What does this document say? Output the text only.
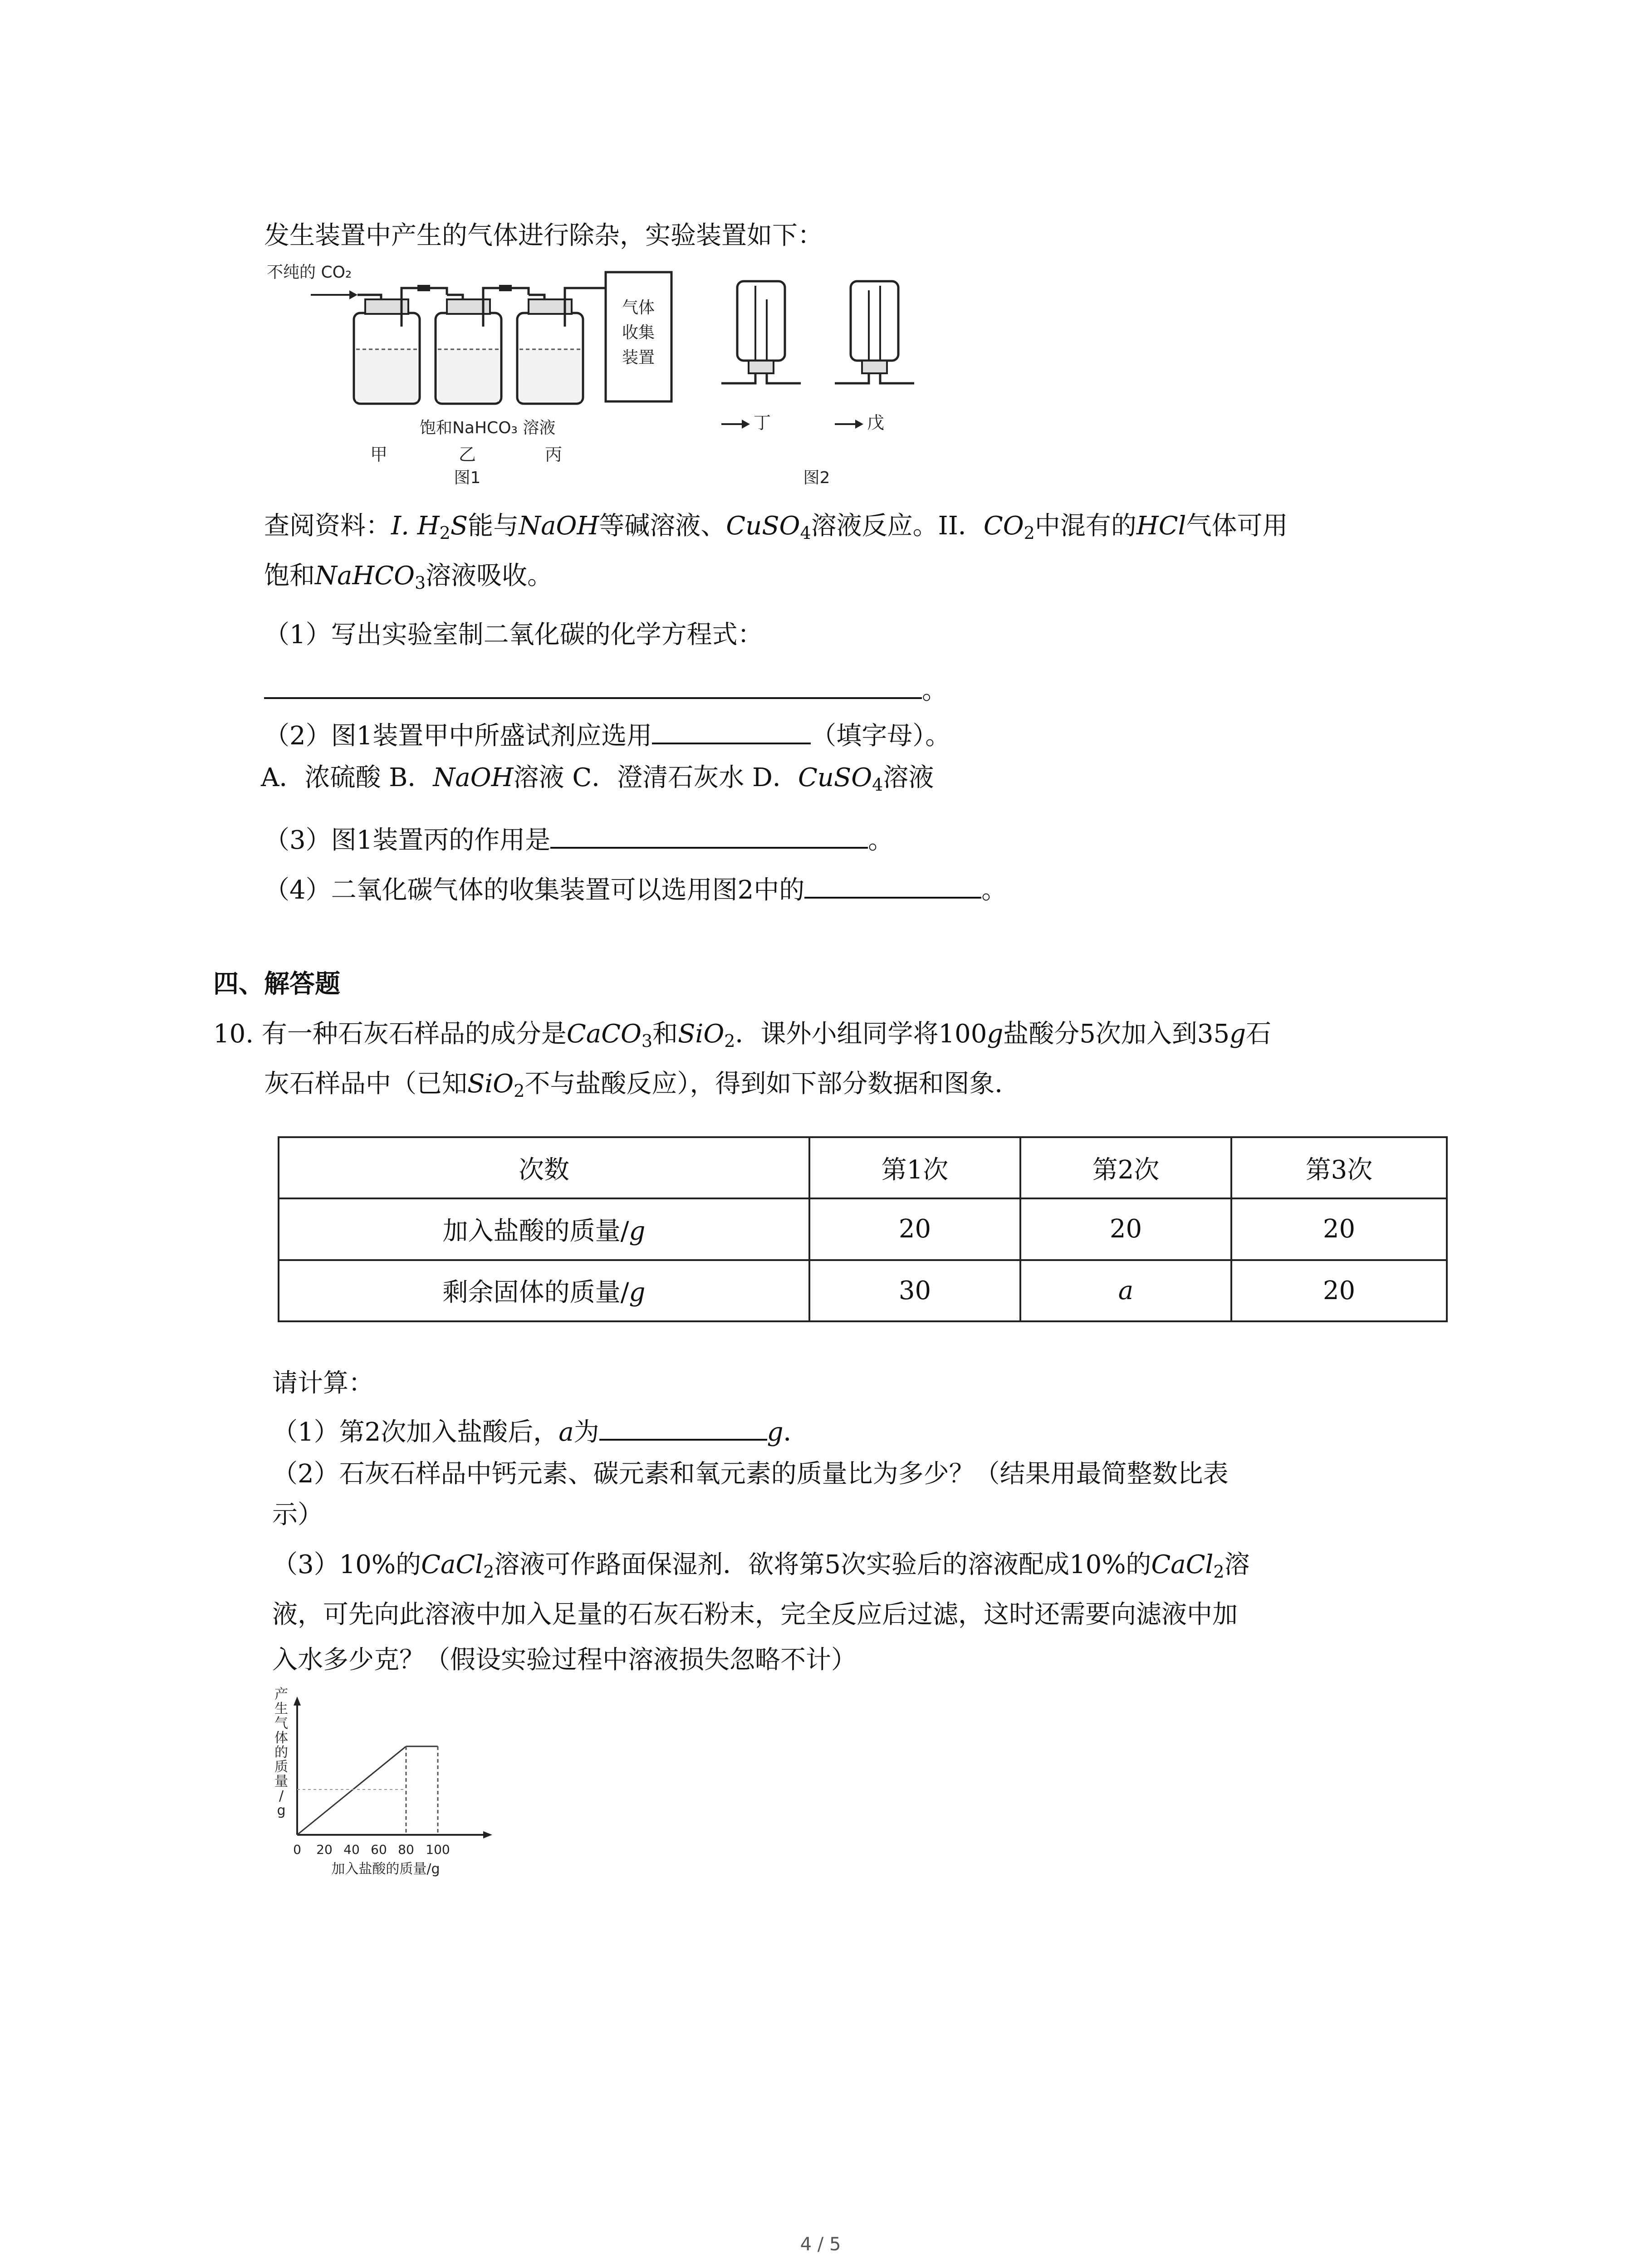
发生装置中产生的气体进行除杂，实验装置如下：
不纯的 CO₂
气体
收集
装置
饱和NaHCO₃ 溶液
甲	乙	丙
图1
丁	戊
图2
查阅资料：I. $H_2S$能与NaOH等碱溶液、CuSO$_4$溶液反应。II．$CO_2$中混有的HCl气体可用
饱和NaHCO$_3$溶液吸收。
（1）写出实验室制二氧化碳的化学方程式：
。
（2）图1装置甲中所盛试剂应选用	（填字母）。
A．浓硫酸 B．NaOH溶液 C．澄清石灰水 D．CuSO$_4$溶液
（3）图1装置丙的作用是	。
（4）二氧化碳气体的收集装置可以选用图2中的	。
四、解答题
10. 有一种石灰石样品的成分是CaCO$_3$和SiO$_2$．课外小组同学将100g盐酸分5次加入到35g石
灰石样品中（已知SiO$_2$不与盐酸反应），得到如下部分数据和图象．
次数	第1次	第2次	第3次
加入盐酸的质量/g	20	20	20
剩余固体的质量/g	30	a	20
请计算：
（1）第2次加入盐酸后，a为	g．
（2）石灰石样品中钙元素、碳元素和氧元素的质量比为多少？（结果用最简整数比表
示）
（3）10%的CaCl$_2$溶液可作路面保湿剂．欲将第5次实验后的溶液配成10%的CaCl$_2$溶
液，可先向此溶液中加入足量的石灰石粉末，完全反应后过滤，这时还需要向滤液中加
入水多少克？（假设实验过程中溶液损失忽略不计）
产
生
气
体
的
质
量
/
g
0 20 40 60 80 100
加入盐酸的质量/g
4 / 5
